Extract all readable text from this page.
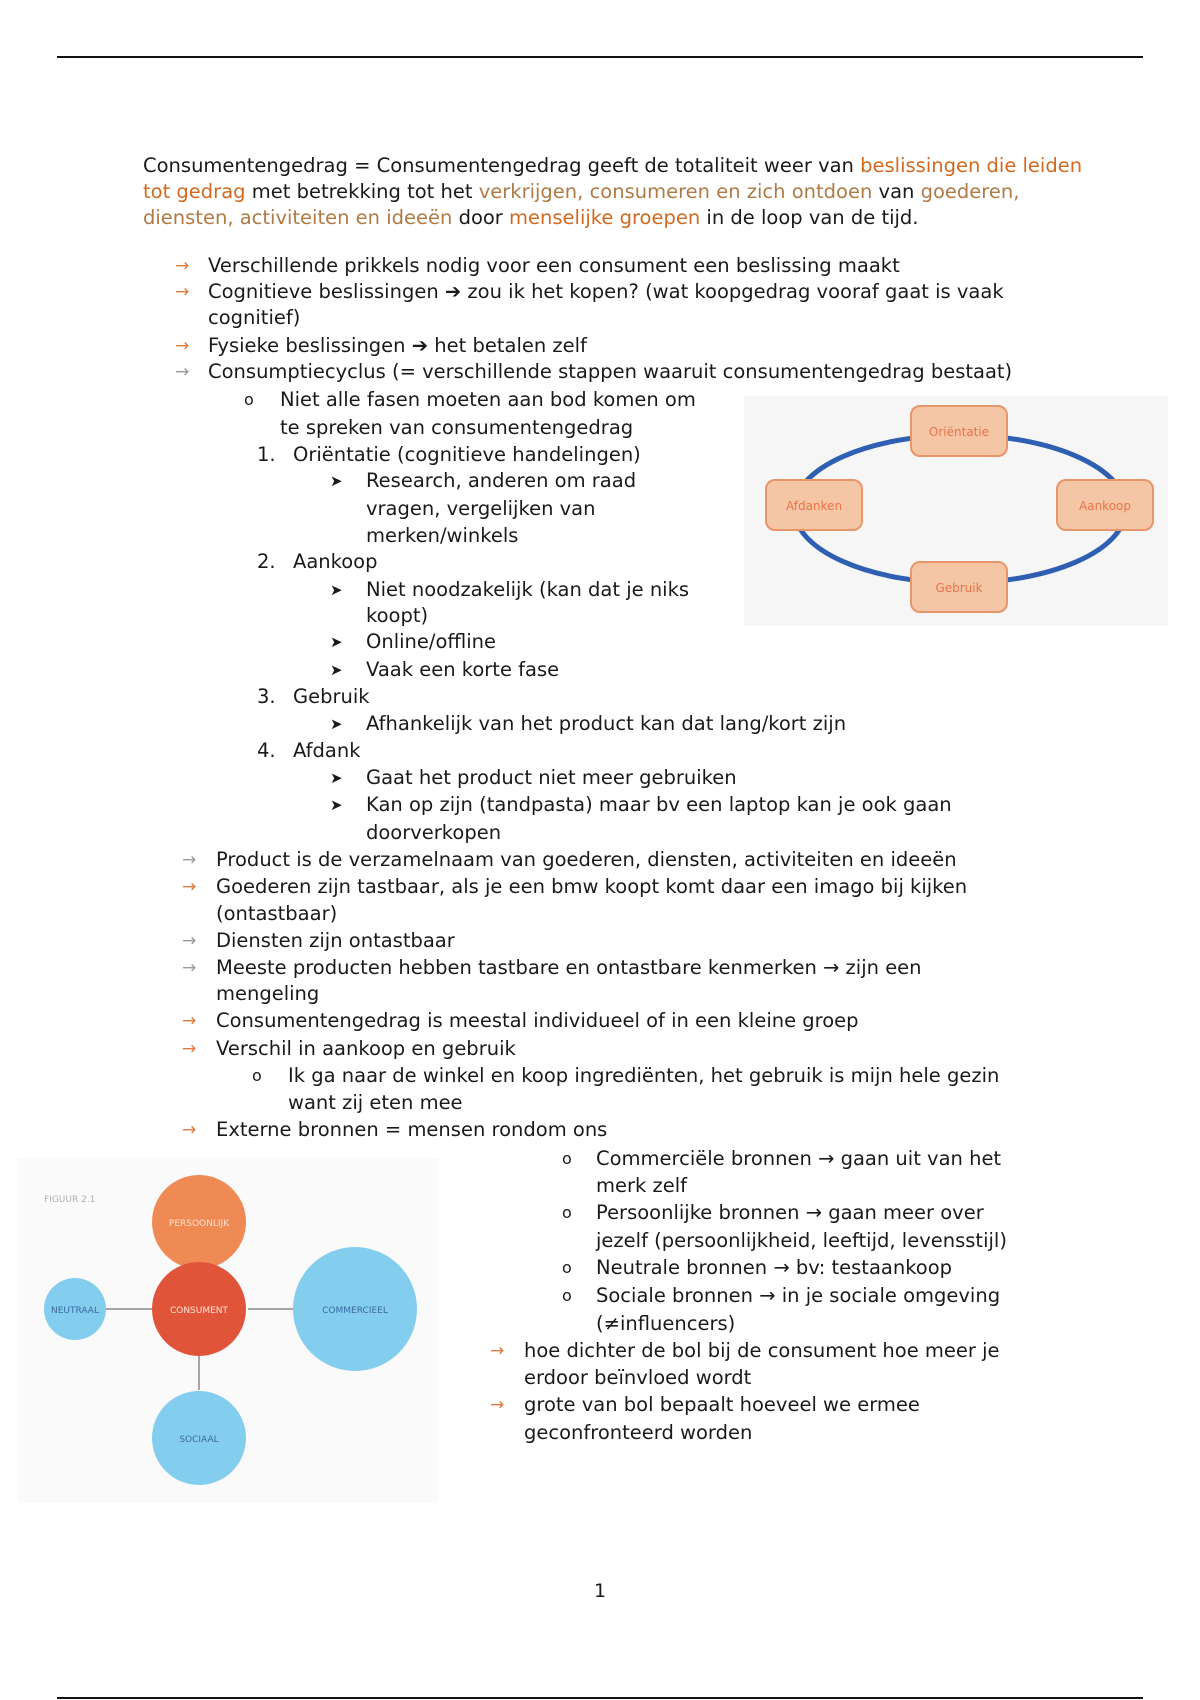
Consumentengedrag = Consumentengedrag geeft de totaliteit weer van beslissingen die leiden tot gedrag met betrekking tot het verkrijgen, consumeren en zich ontdoen van goederen, diensten, activiteiten en ideeën door menselijke groepen in de loop van de tijd.
→ Verschillende prikkels nodig voor een consument een beslissing maakt
→ Cognitieve beslissingen ➔ zou ik het kopen? (wat koopgedrag vooraf gaat is vaak
cognitief)
→ Fysieke beslissingen ➔ het betalen zelf
→ Consumptiecyclus (= verschillende stappen waaruit consumentengedrag bestaat)
o Niet alle fasen moeten aan bod komen om
te spreken van consumentengedrag
1. Oriëntatie (cognitieve handelingen)
➤ Research, anderen om raad
vragen, vergelijken van
merken/winkels
2. Aankoop
➤ Niet noodzakelijk (kan dat je niks
koopt)
➤ Online/offline
➤ Vaak een korte fase
3. Gebruik
➤ Afhankelijk van het product kan dat lang/kort zijn
4. Afdank
➤ Gaat het product niet meer gebruiken
➤ Kan op zijn (tandpasta) maar bv een laptop kan je ook gaan
doorverkopen
Oriëntatie
Aankoop
Gebruik
Afdanken
→ Product is de verzamelnaam van goederen, diensten, activiteiten en ideeën
→ Goederen zijn tastbaar, als je een bmw koopt komt daar een imago bij kijken
(ontastbaar)
→ Diensten zijn ontastbaar
→ Meeste producten hebben tastbare en ontastbare kenmerken → zijn een
mengeling
→ Consumentengedrag is meestal individueel of in een kleine groep
→ Verschil in aankoop en gebruik
o Ik ga naar de winkel en koop ingrediënten, het gebruik is mijn hele gezin
want zij eten mee
→ Externe bronnen = mensen rondom ons
o Commerciële bronnen → gaan uit van het
merk zelf
o Persoonlijke bronnen → gaan meer over
jezelf (persoonlijkheid, leeftijd, levensstijl)
o Neutrale bronnen → bv: testaankoop
o Sociale bronnen → in je sociale omgeving
(≠influencers)
→ hoe dichter de bol bij de consument hoe meer je
erdoor beïnvloed wordt
→ grote van bol bepaalt hoeveel we ermee
geconfronteerd worden
FIGUUR 2.1
PERSOONLIJK
NEUTRAAL	COMMERCIEEL
SOCIAAL
CONSUMENT
1
